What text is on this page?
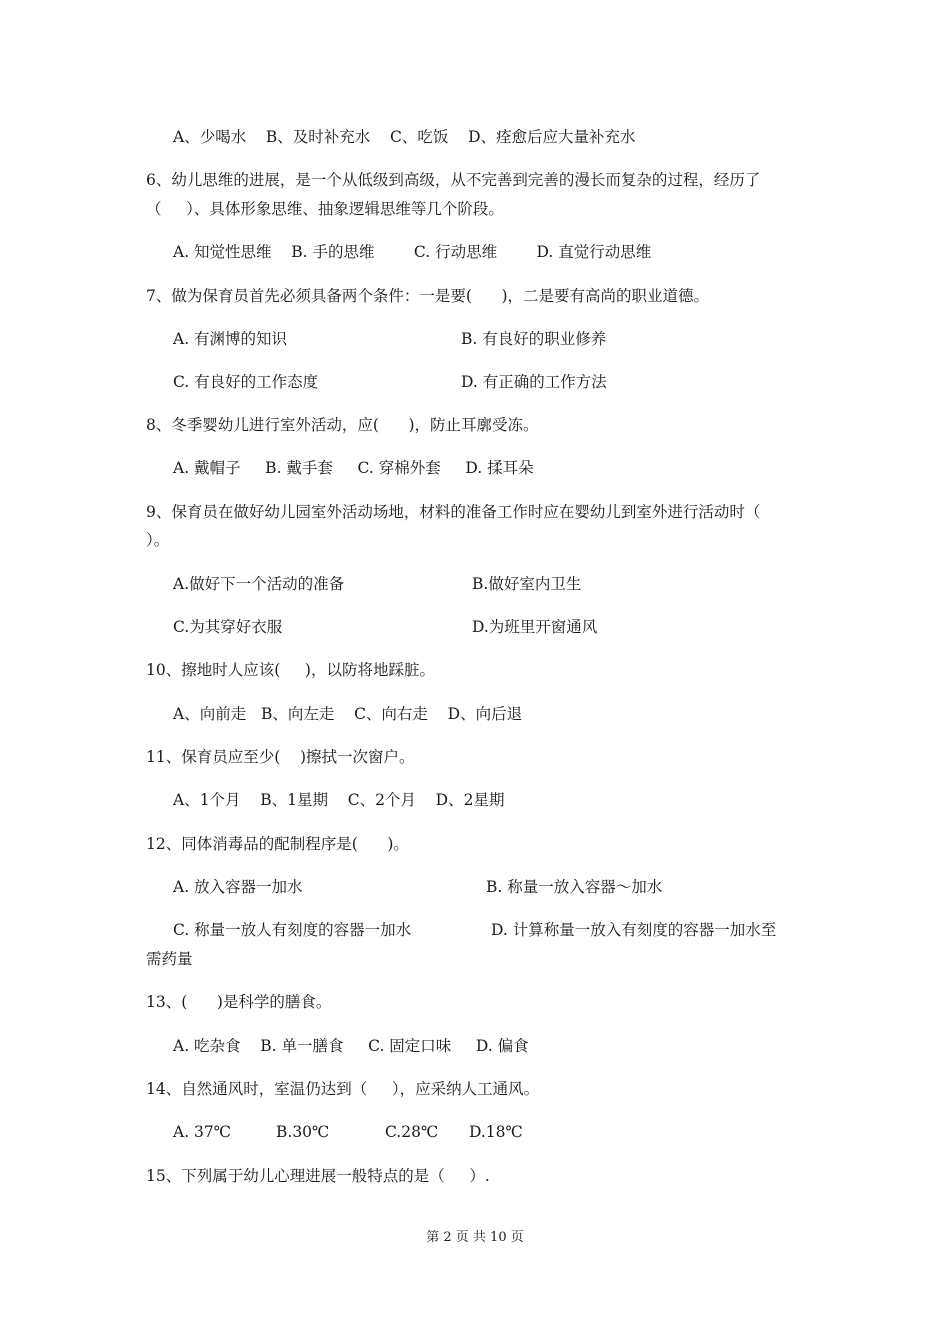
A、少喝水    B、及时补充水    C、吃饭    D、痊愈后应大量补充水
6、幼儿思维的进展，是一个从低级到高级，从不完善到完善的漫长而复杂的过程，经历了
（     ）、具体形象思维、抽象逻辑思维等几个阶段。
A. 知觉性思维    B. 手的思维        C. 行动思维        D. 直觉行动思维
7、做为保育员首先必须具备两个条件：一是要(      )，二是要有高尚的职业道德。
A. 有渊博的知识	B. 有良好的职业修养
C. 有良好的工作态度	D. 有正确的工作方法
8、冬季婴幼儿进行室外活动，应(      )，防止耳廓受冻。
A. 戴帽子     B. 戴手套     C. 穿棉外套     D. 揉耳朵
9、保育员在做好幼儿园室外活动场地，材料的准备工作时应在婴幼儿到室外进行活动时（
）。
A.做好下一个活动的准备	B.做好室内卫生
C.为其穿好衣服	D.为班里开窗通风
10、擦地时人应该(     )，以防将地踩脏。
A、向前走   B、向左走    C、向右走    D、向后退
11、保育员应至少(    )擦拭一次窗户。
A、1个月    B、1星期    C、2个月    D、2星期
12、同体消毒品的配制程序是(      )。
A. 放入容器一加水	B. 称量一放入容器～加水
C. 称量一放人有刻度的容器一加水	D. 计算称量一放入有刻度的容器一加水至
需药量
13、(      )是科学的膳食。
A. 吃杂食    B. 单一膳食     C. 固定口味     D. 偏食
14、自然通风时，室温仍达到（     ），应采纳人工通风。
A. 37℃	B.30℃	C.28℃ D.18℃
15、下列属于幼儿心理进展一般特点的是（     ）.
第 2 页 共 10 页
